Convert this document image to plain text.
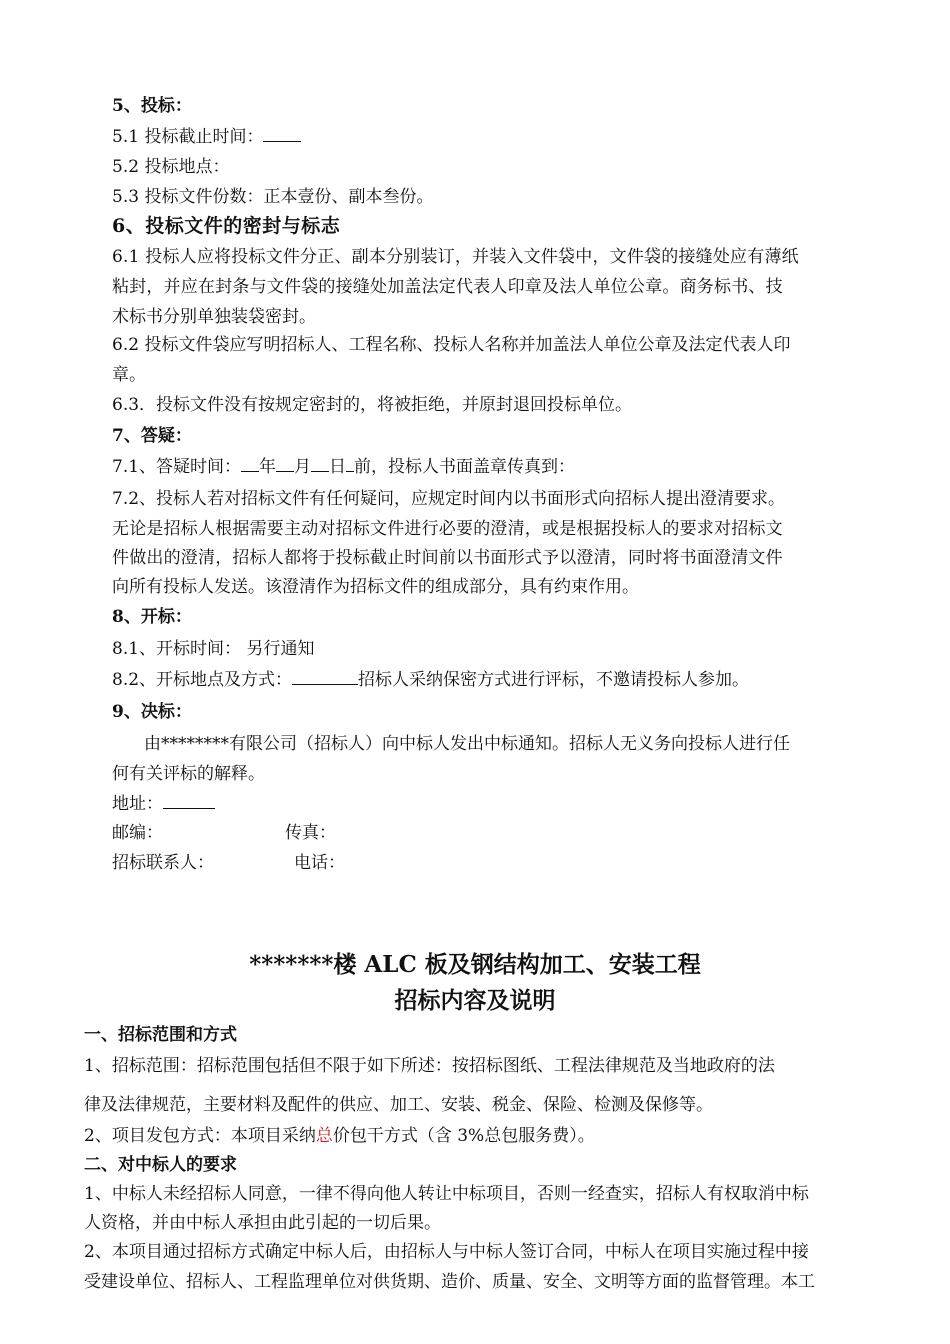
5、投标：
5.1 投标截止时间：
5.2 投标地点：
5.3 投标文件份数：正本壹份、副本叁份。
6、投标文件的密封与标志
6.1 投标人应将投标文件分正、副本分别装订，并装入文件袋中，文件袋的接缝处应有薄纸
粘封，并应在封条与文件袋的接缝处加盖法定代表人印章及法人单位公章。商务标书、技
术标书分别单独装袋密封。
6.2 投标文件袋应写明招标人、工程名称、投标人名称并加盖法人单位公章及法定代表人印
章。
6.3．投标文件没有按规定密封的，将被拒绝，并原封退回投标单位。
7、答疑：
7.1、答疑时间： 年 月 日 前，投标人书面盖章传真到：
7.2、投标人若对招标文件有任何疑问，应规定时间内以书面形式向招标人提出澄清要求。
无论是招标人根据需要主动对招标文件进行必要的澄清，或是根据投标人的要求对招标文
件做出的澄清，招标人都将于投标截止时间前以书面形式予以澄清，同时将书面澄清文件
向所有投标人发送。该澄清作为招标文件的组成部分，具有约束作用。
8、开标：
8.1、开标时间： 另行通知
8.2、开标地点及方式：	招标人采纳保密方式进行评标，不邀请投标人参加。
9、决标：
由********有限公司（招标人）向中标人发出中标通知。招标人无义务向投标人进行任
何有关评标的解释。
地址：
邮编：	传真：
招标联系人：	电话：
*******楼 ALC 板及钢结构加工、安装工程
招标内容及说明
一、招标范围和方式
1、招标范围：招标范围包括但不限于如下所述：按招标图纸、工程法律规范及当地政府的法
律及法律规范，主要材料及配件的供应、加工、安装、税金、保险、检测及保修等。
2、项目发包方式：本项目采纳总价包干方式（含 3%总包服务费）。
二、对中标人的要求
1、中标人未经招标人同意，一律不得向他人转让中标项目，否则一经查实，招标人有权取消中标
人资格，并由中标人承担由此引起的一切后果。
2、本项目通过招标方式确定中标人后，由招标人与中标人签订合同，中标人在项目实施过程中接
受建设单位、招标人、工程监理单位对供货期、造价、质量、安全、文明等方面的监督管理。本工
